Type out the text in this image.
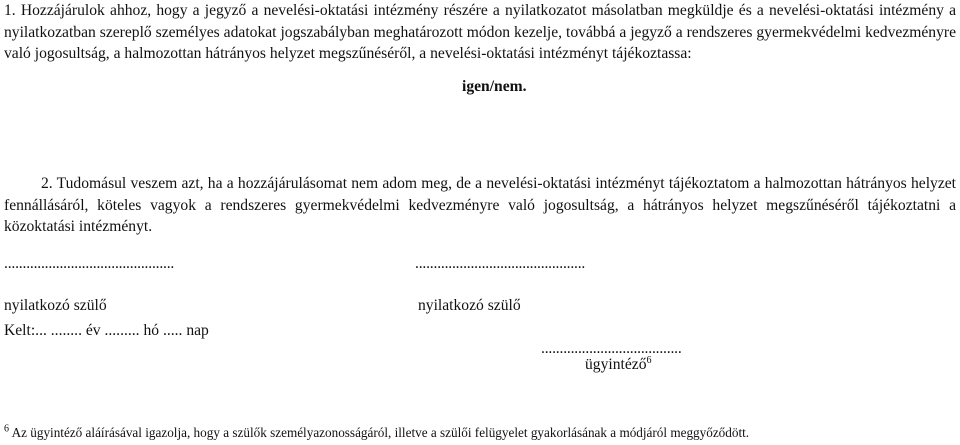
1. Hozzájárulok ahhoz, hogy a jegyző a nevelési-oktatási intézmény részére a nyilatkozatot másolatban megküldje és a nevelési-oktatási intézmény a nyilatkozatban szereplő személyes adatokat jogszabályban meghatározott módon kezelje, továbbá a jegyző a rendszeres gyermekvédelmi kedvezményre való jogosultság, a halmozottan hátrányos helyzet megszűnéséről, a nevelési-oktatási intézményt tájékoztassa:
igen/nem.
2. Tudomásul veszem azt, ha a hozzájárulásomat nem adom meg, de a nevelési-oktatási intézményt tájékoztatom a halmozottan hátrányos helyzet fennállásáról, köteles vagyok a rendszeres gyermekvédelmi kedvezményre való jogosultság, a hátrányos helyzet megszűnéséről tájékoztatni a közoktatási intézményt.
..............................................	..............................................
nyilatkozó szülő	nyilatkozó szülő
Kelt:... ........ év ......... hó ..... nap
......................................
ügyintéző$^6$
$^6$ Az ügyintéző aláírásával igazolja, hogy a szülők személyazonosságáról, illetve a szülői felügyelet gyakorlásának a módjáról meggyőződött.
